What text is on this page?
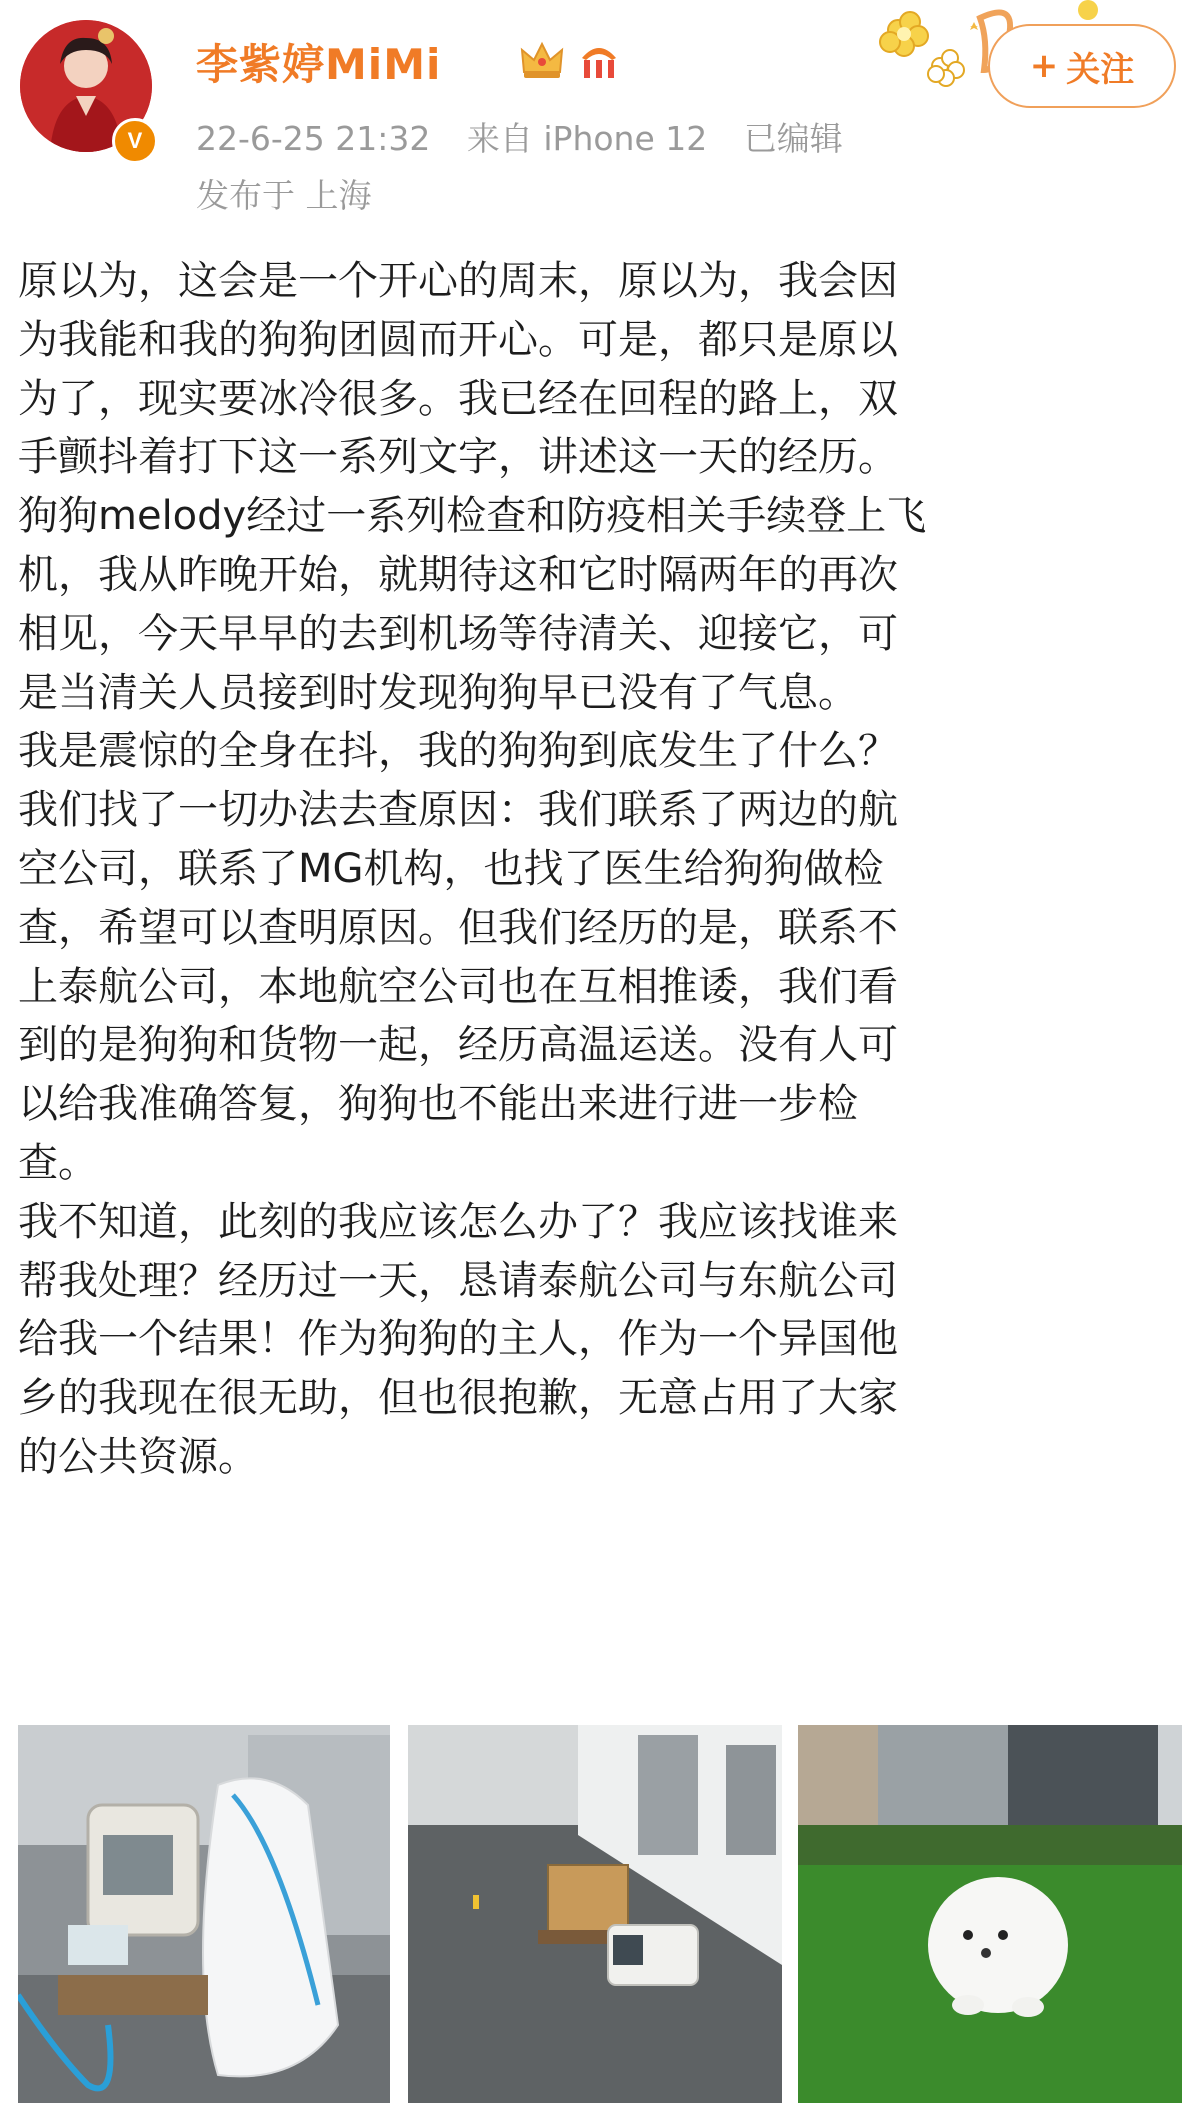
V
李紫婷MiMi
22-6-25 21:32 来自 iPhone 12 已编辑
发布于 上海
+ 关注

原以为，这会是一个开心的周末，原以为，我会因

为我能和我的狗狗团圆而开心。可是，都只是原以

为了，现实要冰冷很多。我已经在回程的路上，双

手颤抖着打下这一系列文字，讲述这一天的经历。

狗狗melody经过一系列检查和防疫相关手续登上飞

机，我从昨晚开始，就期待这和它时隔两年的再次

相见，今天早早的去到机场等待清关、迎接它，可

是当清关人员接到时发现狗狗早已没有了气息。

我是震惊的全身在抖，我的狗狗到底发生了什么？

我们找了一切办法去查原因：我们联系了两边的航

空公司，联系了MG机构，也找了医生给狗狗做检

查，希望可以查明原因。但我们经历的是，联系不

上泰航公司，本地航空公司也在互相推诿，我们看

到的是狗狗和货物一起，经历高温运送。没有人可

以给我准确答复，狗狗也不能出来进行进一步检

查。

我不知道，此刻的我应该怎么办了？我应该找谁来

帮我处理？经历过一天，恳请泰航公司与东航公司

给我一个结果！作为狗狗的主人，作为一个异国他

乡的我现在很无助，但也很抱歉，无意占用了大家

的公共资源。
